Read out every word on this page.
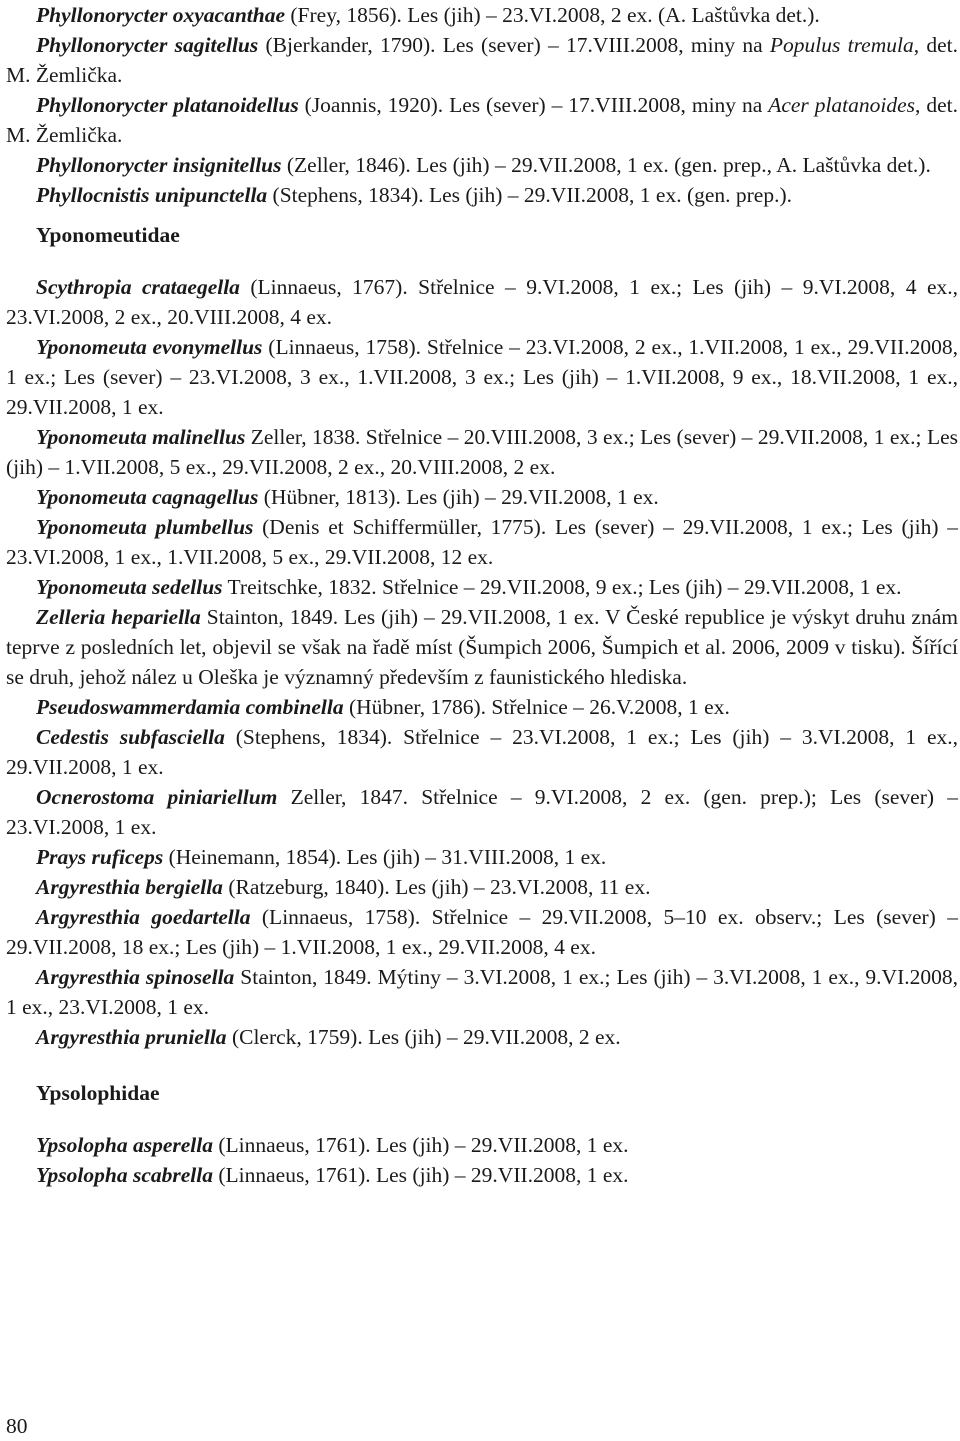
Phyllonorycter oxyacanthae (Frey, 1856). Les (jih) – 23.VI.2008, 2 ex. (A. Laštůvka det.).

Phyllonorycter sagitellus (Bjerkander, 1790). Les (sever) – 17.VIII.2008, miny na Populus tremula, det. M. Žemlička.

Phyllonorycter platanoidellus (Joannis, 1920). Les (sever) – 17.VIII.2008, miny na Acer platanoides, det. M. Žemlička.

Phyllonorycter insignitellus (Zeller, 1846). Les (jih) – 29.VII.2008, 1 ex. (gen. prep., A. Laštůvka det.).

Phyllocnistis unipunctella (Stephens, 1834). Les (jih) – 29.VII.2008, 1 ex. (gen. prep.).

Yponomeutidae

Scythropia crataegella (Linnaeus, 1767). Střelnice – 9.VI.2008, 1 ex.; Les (jih) – 9.VI.2008, 4 ex., 23.VI.2008, 2 ex., 20.VIII.2008, 4 ex.

Yponomeuta evonymellus (Linnaeus, 1758). Střelnice – 23.VI.2008, 2 ex., 1.VII.2008, 1 ex., 29.VII.2008, 1 ex.; Les (sever) – 23.VI.2008, 3 ex., 1.VII.2008, 3 ex.; Les (jih) – 1.VII.2008, 9 ex., 18.VII.2008, 1 ex., 29.VII.2008, 1 ex.

Yponomeuta malinellus Zeller, 1838. Střelnice – 20.VIII.2008, 3 ex.; Les (sever) – 29.VII.2008, 1 ex.; Les (jih) – 1.VII.2008, 5 ex., 29.VII.2008, 2 ex., 20.VIII.2008, 2 ex.

Yponomeuta cagnagellus (Hübner, 1813). Les (jih) – 29.VII.2008, 1 ex.

Yponomeuta plumbellus (Denis et Schiffermüller, 1775). Les (sever) – 29.VII.2008, 1 ex.; Les (jih) – 23.VI.2008, 1 ex., 1.VII.2008, 5 ex., 29.VII.2008, 12 ex.

Yponomeuta sedellus Treitschke, 1832. Střelnice – 29.VII.2008, 9 ex.; Les (jih) – 29.VII.2008, 1 ex.

Zelleria hepariella Stainton, 1849. Les (jih) – 29.VII.2008, 1 ex. V České republice je výskyt druhu znám teprve z posledních let, objevil se však na řadě míst (Šumpich 2006, Šumpich et al. 2006, 2009 v tisku). Šířící se druh, jehož nález u Oleška je významný především z faunistického hlediska.

Pseudoswammerdamia combinella (Hübner, 1786). Střelnice – 26.V.2008, 1 ex.

Cedestis subfasciella (Stephens, 1834). Střelnice – 23.VI.2008, 1 ex.; Les (jih) – 3.VI.2008, 1 ex., 29.VII.2008, 1 ex.

Ocnerostoma piniariellum Zeller, 1847. Střelnice – 9.VI.2008, 2 ex. (gen. prep.); Les (sever) – 23.VI.2008, 1 ex.

Prays ruficeps (Heinemann, 1854). Les (jih) – 31.VIII.2008, 1 ex.

Argyresthia bergiella (Ratzeburg, 1840). Les (jih) – 23.VI.2008, 11 ex.

Argyresthia goedartella (Linnaeus, 1758). Střelnice – 29.VII.2008, 5–10 ex. observ.; Les (sever) – 29.VII.2008, 18 ex.; Les (jih) – 1.VII.2008, 1 ex., 29.VII.2008, 4 ex.

Argyresthia spinosella Stainton, 1849. Mýtiny – 3.VI.2008, 1 ex.; Les (jih) – 3.VI.2008, 1 ex., 9.VI.2008, 1 ex., 23.VI.2008, 1 ex.

Argyresthia pruniella (Clerck, 1759). Les (jih) – 29.VII.2008, 2 ex.

Ypsolophidae

Ypsolopha asperella (Linnaeus, 1761). Les (jih) – 29.VII.2008, 1 ex.

Ypsolopha scabrella (Linnaeus, 1761). Les (jih) – 29.VII.2008, 1 ex.

80
